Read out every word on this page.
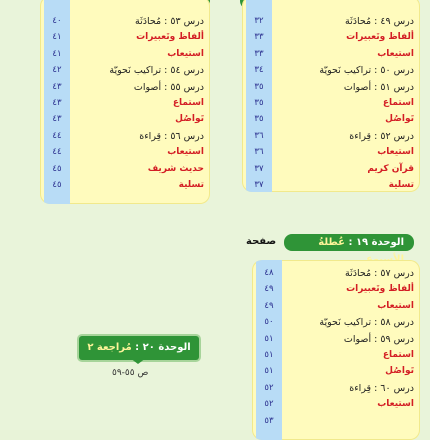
٤٠
٤١
٤١
٤٢
٤٣
٤٣
٤٣
٤٤
٤٤
٤٥
٤٥
درس ٥٣ : مُحادَثَة
ألفاظ وتَعبيرات
استيعاب
درس ٥٤ : تراكيب نَحويّة
درس ٥٥ : أصوات
استماع
تَواصُل
درس ٥٦ : قِراءة
استيعاب
حديث شريف
تسلية
٣٢
٣٣
٣٣
٣٤
٣٥
٣٥
٣٥
٣٦
٣٦
٣٧
٣٧
درس ٤٩ : مُحادَثَة
ألفاظ وتَعبيرات
استيعاب
درس ٥٠ : تراكيب نَحويّة
درس ٥١ : أصوات
استماع
تَواصُل
درس ٥٢ : قِراءة
استيعاب
قرآن كريم
تسلية
صفحة	الوحدة ١٩ : عُطلةُ
٤٨
٤٩
٤٩
٥٠
٥١
٥١
٥١
٥٢
٥٢
٥٣
درس ٥٧ : مُحادَثَة
ألفاظ وتَعبيرات
استيعاب
درس ٥٨ : تراكيب نَحويّة
درس ٥٩ : أصوات
استماع
تَواصُل
درس ٦٠ : قِراءة
استيعاب
الوحدة ٢٠ : مُراجعة ٢
ص ٥٥-٥٩
